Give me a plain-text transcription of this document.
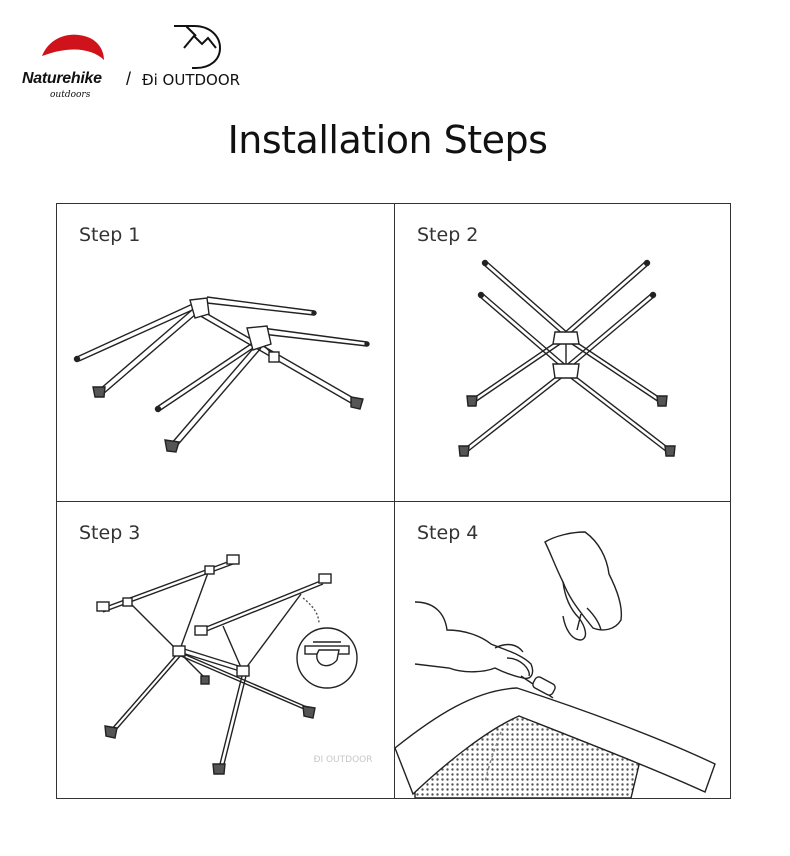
Naturehike
outdoors
/ Đi OUTDOOR
Installation Steps
Step 1	Step 2
Step 3	Step 4
ĐI OUTDOOR
